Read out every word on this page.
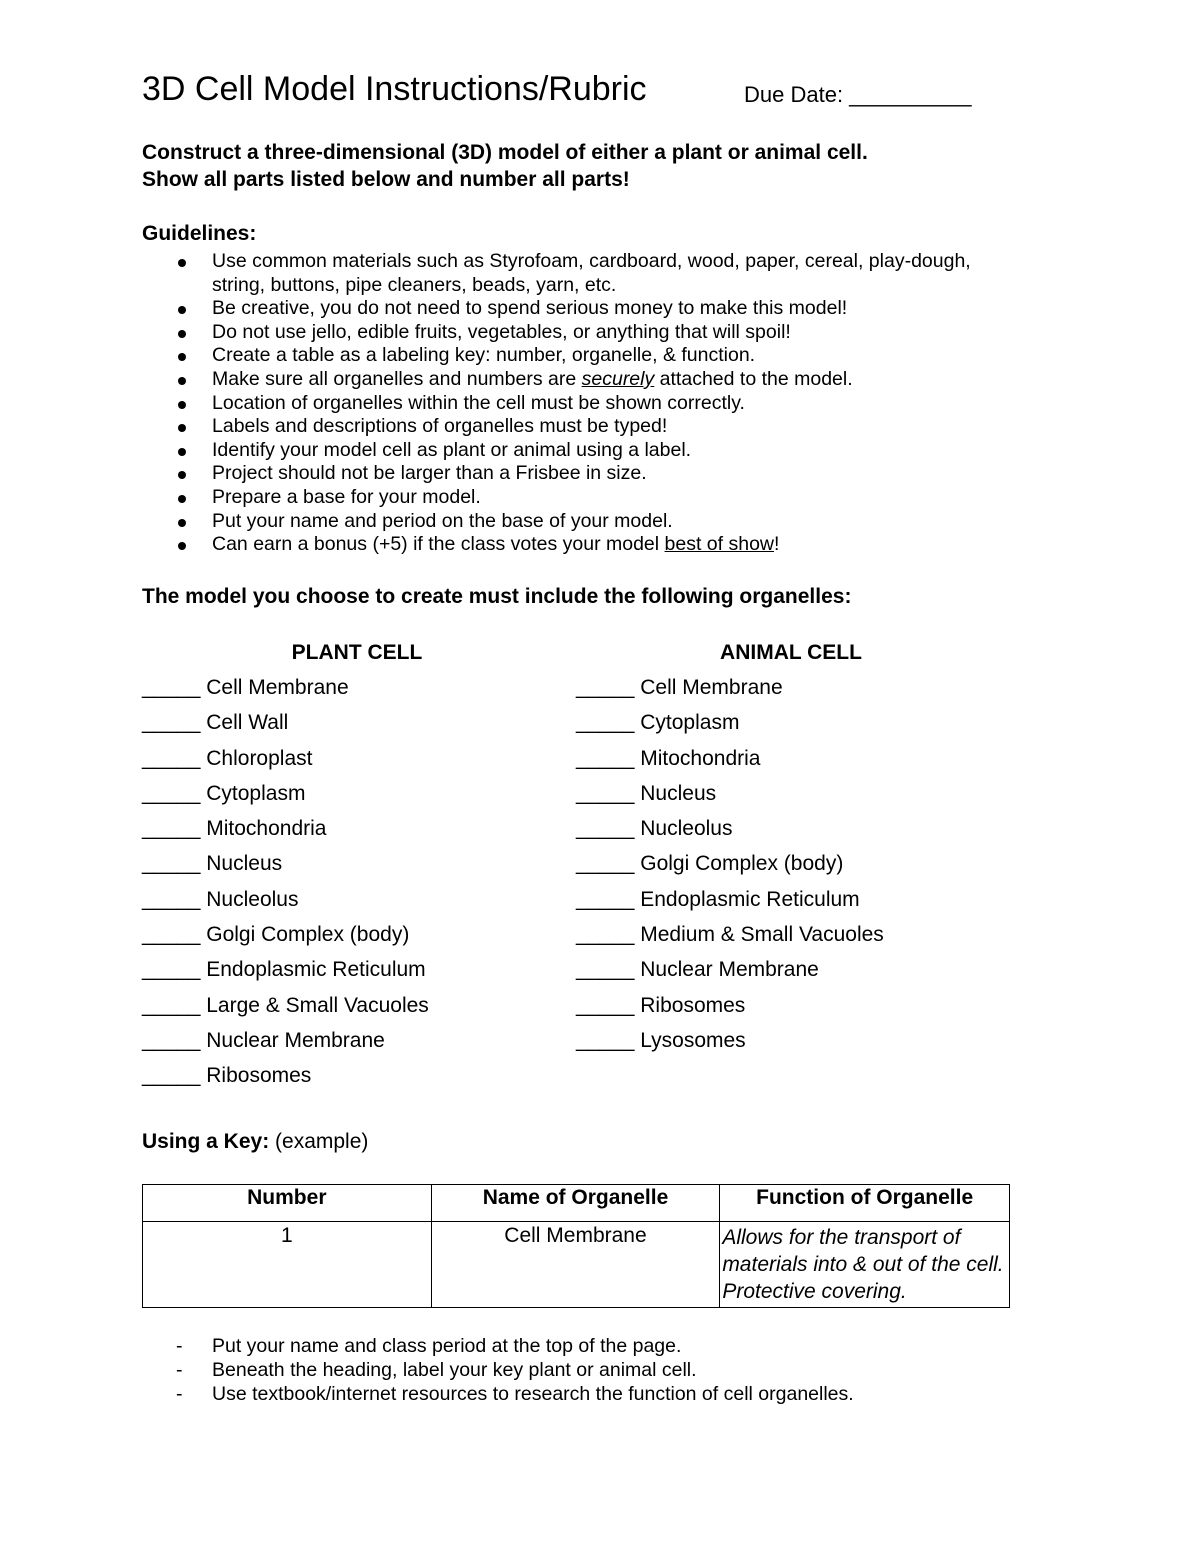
3D Cell Model Instructions/Rubric	Due Date: __________
Construct a three-dimensional (3D) model of either a plant or animal cell.
Show all parts listed below and number all parts!
Guidelines:
Use common materials such as Styrofoam, cardboard, wood, paper, cereal, play-dough,
string, buttons, pipe cleaners, beads, yarn, etc.
Be creative, you do not need to spend serious money to make this model!
Do not use jello, edible fruits, vegetables, or anything that will spoil!
Create a table as a labeling key: number, organelle, & function.
Make sure all organelles and numbers are securely attached to the model.
Location of organelles within the cell must be shown correctly.
Labels and descriptions of organelles must be typed!
Identify your model cell as plant or animal using a label.
Project should not be larger than a Frisbee in size.
Prepare a base for your model.
Put your name and period on the base of your model.
Can earn a bonus (+5) if the class votes your model best of show!
The model you choose to create must include the following organelles:
PLANT CELL	ANIMAL CELL
_____ Cell Membrane
_____ Cell Wall
_____ Chloroplast
_____ Cytoplasm
_____ Mitochondria
_____ Nucleus
_____ Nucleolus
_____ Golgi Complex (body)
_____ Endoplasmic Reticulum
_____ Large & Small Vacuoles
_____ Nuclear Membrane
_____ Ribosomes
_____ Cell Membrane
_____ Cytoplasm
_____ Mitochondria
_____ Nucleus
_____ Nucleolus
_____ Golgi Complex (body)
_____ Endoplasmic Reticulum
_____ Medium & Small Vacuoles
_____ Nuclear Membrane
_____ Ribosomes
_____ Lysosomes
Using a Key: (example)
Number	Name of Organelle	Function of Organelle
1	Cell Membrane	Allows for the transport of materials into & out of the cell. Protective covering.
- Put your name and class period at the top of the page.
- Beneath the heading, label your key plant or animal cell.
- Use textbook/internet resources to research the function of cell organelles.
